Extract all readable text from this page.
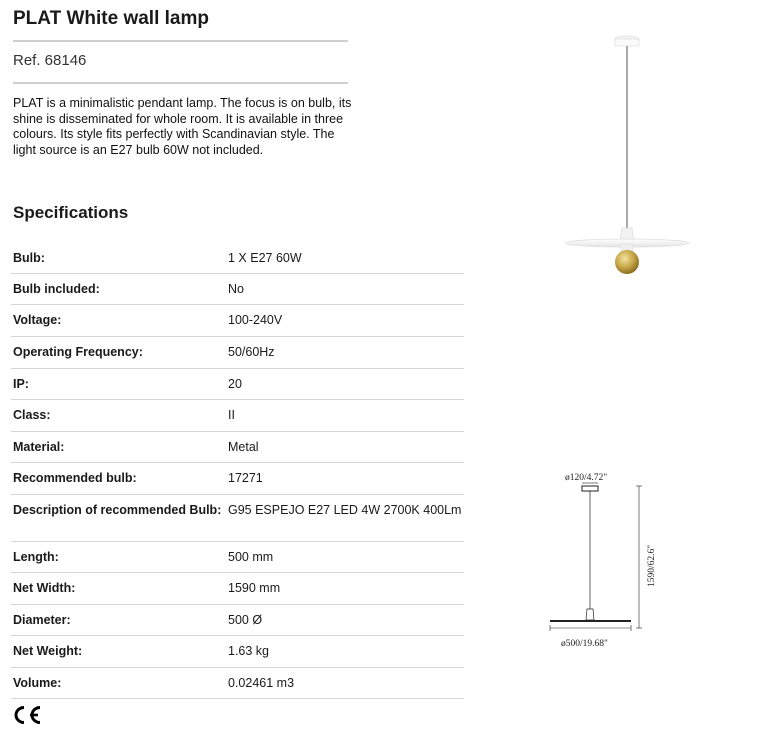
PLAT White wall lamp
Ref. 68146
PLAT is a minimalistic pendant lamp. The focus is on bulb, its shine is disseminated for whole room. It is available in three colours. Its style fits perfectly with Scandinavian style. The light source is an E27 bulb 60W not included.
Specifications
Bulb:	1 X E27 60W
Bulb included:	No
Voltage:	100-240V
Operating Frequency:	50/60Hz
IP:	20
Class:	II
Material:	Metal
Recommended bulb:	17271
Description of recommended Bulb:	G95 ESPEJO E27 LED 4W 2700K 400Lm
Length:	500 mm
Net Width:	1590 mm
Diameter:	500 Ø
Net Weight:	1.63 kg
Volume:	0.02461 m3
ø120/4.72"
ø500/19.68"
1590/62.6"
